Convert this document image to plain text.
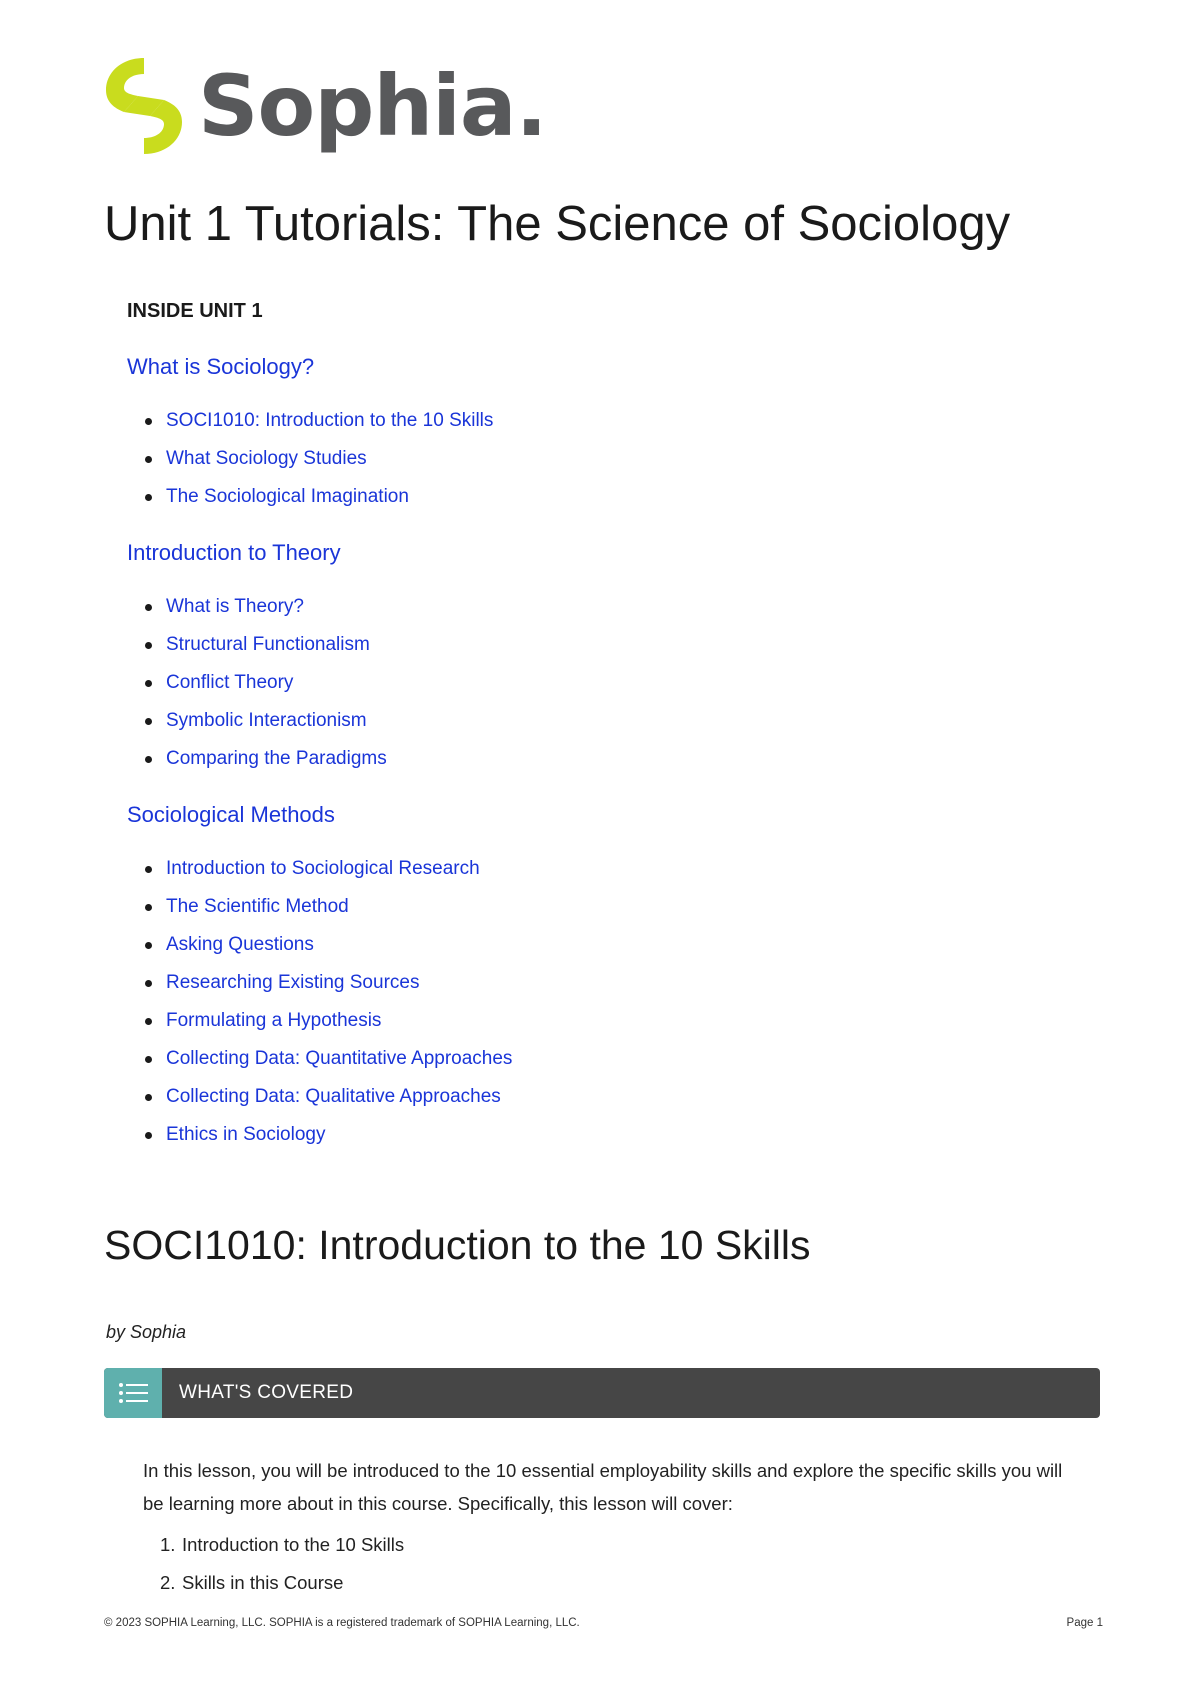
Sophia.
Unit 1 Tutorials: The Science of Sociology
INSIDE UNIT 1
What is Sociology?
SOCI1010: Introduction to the 10 Skills
What Sociology Studies
The Sociological Imagination
Introduction to Theory
What is Theory?
Structural Functionalism
Conflict Theory
Symbolic Interactionism
Comparing the Paradigms
Sociological Methods
Introduction to Sociological Research
The Scientific Method
Asking Questions
Researching Existing Sources
Formulating a Hypothesis
Collecting Data: Quantitative Approaches
Collecting Data: Qualitative Approaches
Ethics in Sociology
SOCI1010: Introduction to the 10 Skills
by Sophia
WHAT'S COVERED

In this lesson, you will be introduced to the 10 essential employability skills and explore the specific skills you will be learning more about in this course. Specifically, this lesson will cover:

1. Introduction to the 10 Skills
2. Skills in this Course
© 2023 SOPHIA Learning, LLC. SOPHIA is a registered trademark of SOPHIA Learning, LLC.	Page 1
